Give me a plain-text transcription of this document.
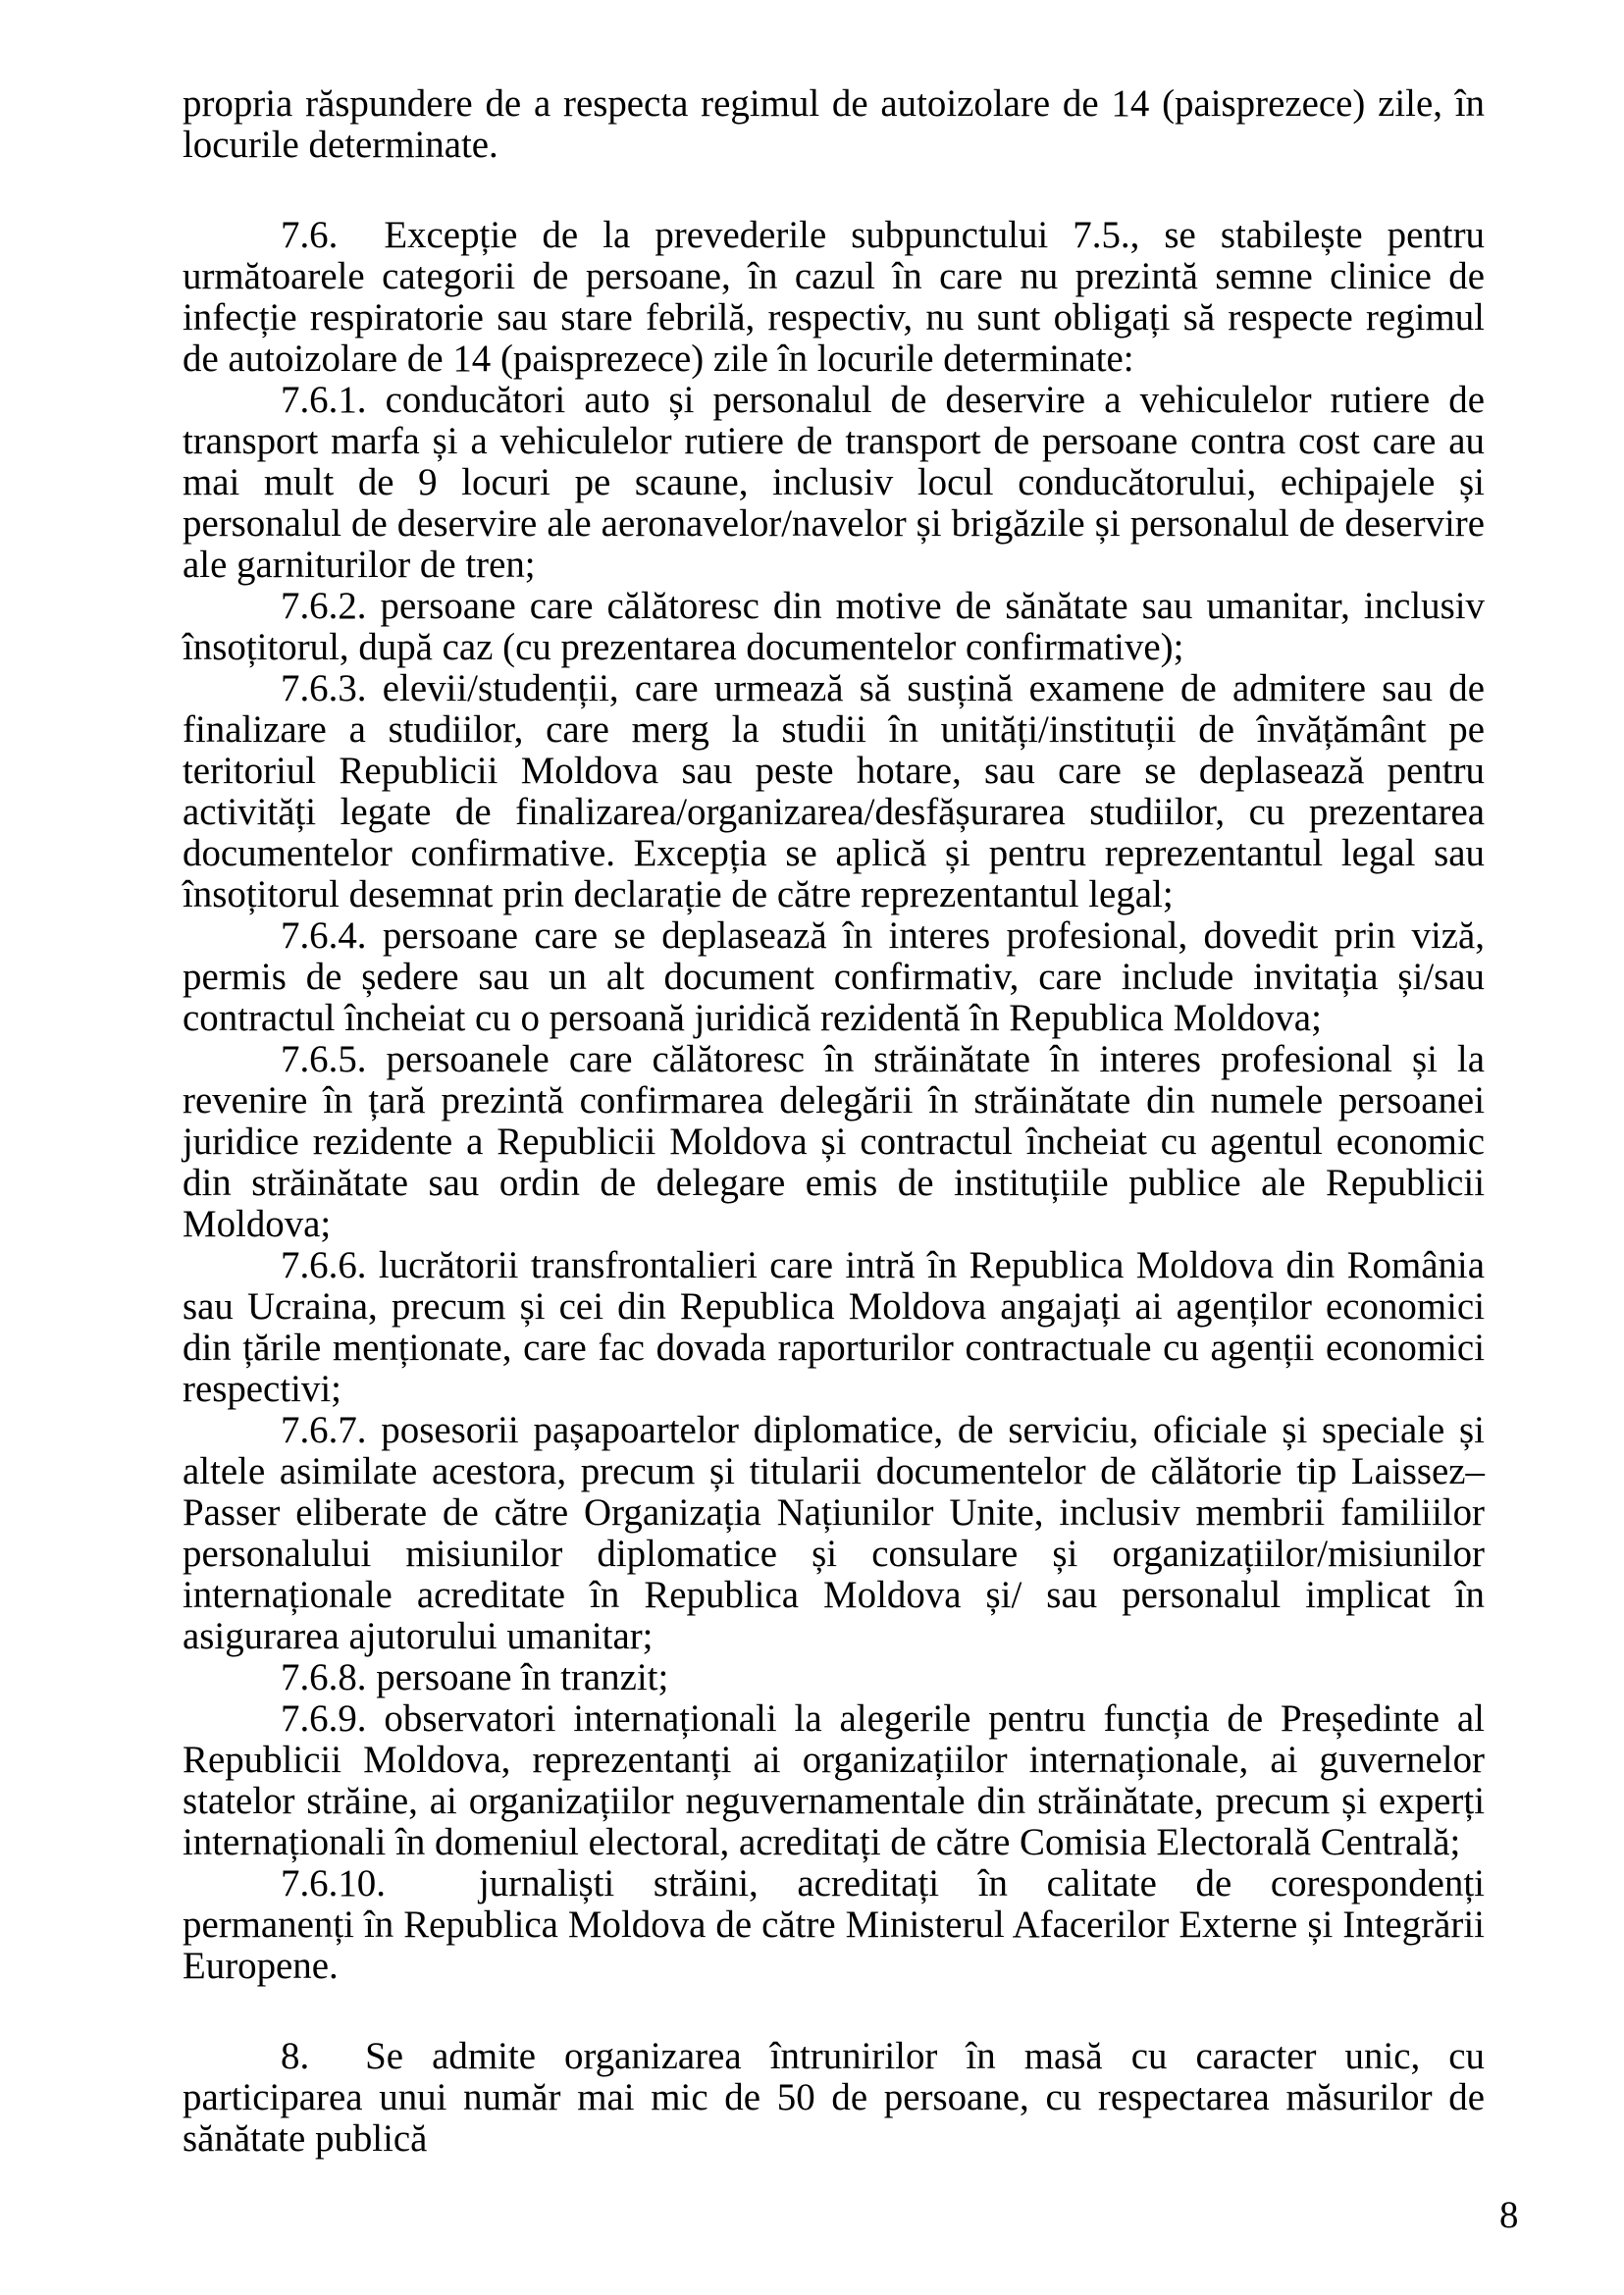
propria răspundere de a respecta regimul de autoizolare de 14 (paisprezece) zile, în locurile determinate.

7.6. Excepție de la prevederile subpunctului 7.5., se stabilește pentru următoarele categorii de persoane, în cazul în care nu prezintă semne clinice de infecție respiratorie sau stare febrilă, respectiv, nu sunt obligați să respecte regimul de autoizolare de 14 (paisprezece) zile în locurile determinate:

7.6.1. conducători auto și personalul de deservire a vehiculelor rutiere de transport marfa și a vehiculelor rutiere de transport de persoane contra cost care au mai mult de 9 locuri pe scaune, inclusiv locul conducătorului, echipajele și personalul de deservire ale aeronavelor/navelor și brigăzile și personalul de deservire ale garniturilor de tren;

7.6.2. persoane care călătoresc din motive de sănătate sau umanitar, inclusiv însoțitorul, după caz (cu prezentarea documentelor confirmative);

7.6.3. elevii/studenții, care urmează să susțină examene de admitere sau de finalizare a studiilor, care merg la studii în unități/instituții de învățământ pe teritoriul Republicii Moldova sau peste hotare, sau care se deplasează pentru activități legate de finalizarea/organizarea/desfășurarea studiilor, cu prezentarea documentelor confirmative. Excepția se aplică și pentru reprezentantul legal sau însoțitorul desemnat prin declarație de către reprezentantul legal;

7.6.4. persoane care se deplasează în interes profesional, dovedit prin viză, permis de ședere sau un alt document confirmativ, care include invitația și/sau contractul încheiat cu o persoană juridică rezidentă în Republica Moldova;

7.6.5. persoanele care călătoresc în străinătate în interes profesional și la revenire în țară prezintă confirmarea delegării în străinătate din numele persoanei juridice rezidente a Republicii Moldova și contractul încheiat cu agentul economic din străinătate sau ordin de delegare emis de instituțiile publice ale Republicii Moldova;

7.6.6. lucrătorii transfrontalieri care intră în Republica Moldova din România sau Ucraina, precum și cei din Republica Moldova angajați ai agenților economici din țările menționate, care fac dovada raporturilor contractuale cu agenții economici respectivi;

7.6.7. posesorii pașapoartelor diplomatice, de serviciu, oficiale și speciale și altele asimilate acestora, precum și titularii documentelor de călătorie tip Laissez–Passer eliberate de către Organizația Națiunilor Unite, inclusiv membrii familiilor personalului misiunilor diplomatice și consulare și organizațiilor/misiunilor internaționale acreditate în Republica Moldova și/ sau personalul implicat în asigurarea ajutorului umanitar;

7.6.8. persoane în tranzit;

7.6.9. observatori internaționali la alegerile pentru funcția de Președinte al Republicii Moldova, reprezentanți ai organizațiilor internaționale, ai guvernelor statelor străine, ai organizațiilor neguvernamentale din străinătate, precum și experți internaționali în domeniul electoral, acreditați de către Comisia Electorală Centrală;

7.6.10. jurnaliști străini, acreditați în calitate de corespondenți permanenți în Republica Moldova de către Ministerul Afacerilor Externe și Integrării Europene.

8. Se admite organizarea întrunirilor în masă cu caracter unic, cu participarea unui număr mai mic de 50 de persoane, cu respectarea măsurilor de sănătate publică

8
